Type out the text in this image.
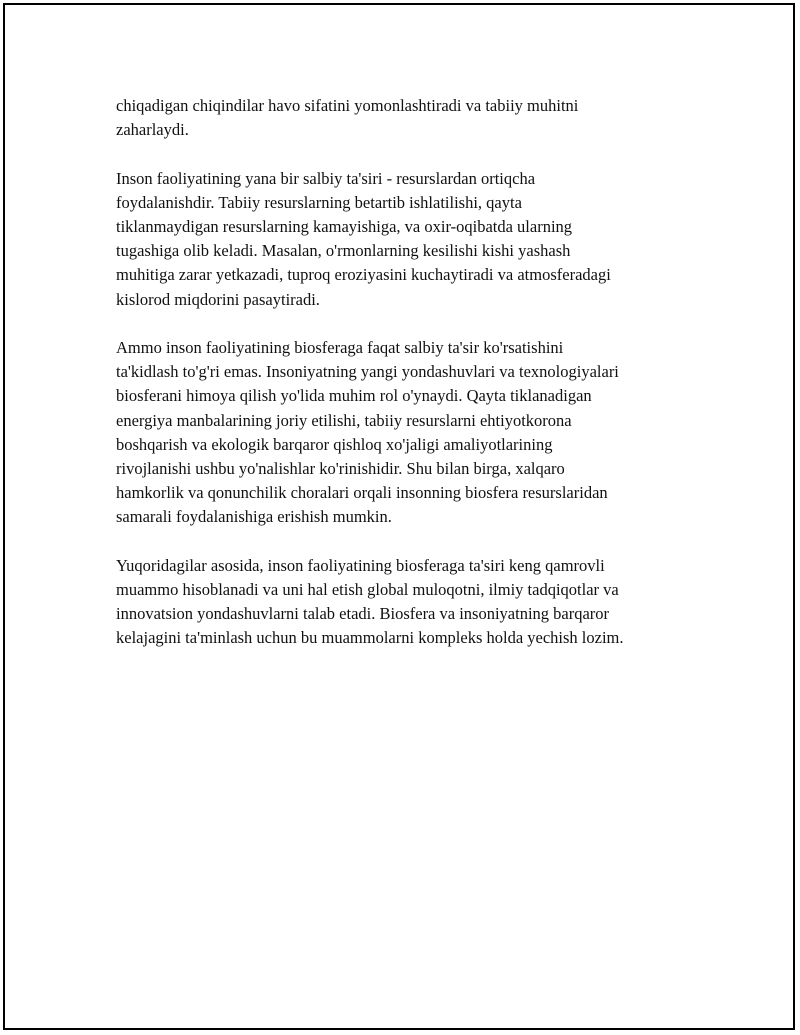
chiqadigan chiqindilar havo sifatini yomonlashtiradi va tabiiy muhitni
zaharlaydi.

Inson faoliyatining yana bir salbiy ta'siri - resurslardan ortiqcha
foydalanishdir. Tabiiy resurslarning betartib ishlatilishi, qayta
tiklanmaydigan resurslarning kamayishiga, va oxir-oqibatda ularning
tugashiga olib keladi. Masalan, o'rmonlarning kesilishi kishi yashash
muhitiga zarar yetkazadi, tuproq eroziyasini kuchaytiradi va atmosferadagi
kislorod miqdorini pasaytiradi.

Ammo inson faoliyatining biosferaga faqat salbiy ta'sir ko'rsatishini
ta'kidlash to'g'ri emas. Insoniyatning yangi yondashuvlari va texnologiyalari
biosferani himoya qilish yo'lida muhim rol o'ynaydi. Qayta tiklanadigan
energiya manbalarining joriy etilishi, tabiiy resurslarni ehtiyotkorona
boshqarish va ekologik barqaror qishloq xo'jaligi amaliyotlarining
rivojlanishi ushbu yo'nalishlar ko'rinishidir. Shu bilan birga, xalqaro
hamkorlik va qonunchilik choralari orqali insonning biosfera resurslaridan
samarali foydalanishiga erishish mumkin.

Yuqoridagilar asosida, inson faoliyatining biosferaga ta'siri keng qamrovli
muammo hisoblanadi va uni hal etish global muloqotni, ilmiy tadqiqotlar va
innovatsion yondashuvlarni talab etadi. Biosfera va insoniyatning barqaror
kelajagini ta'minlash uchun bu muammolarni kompleks holda yechish lozim.
